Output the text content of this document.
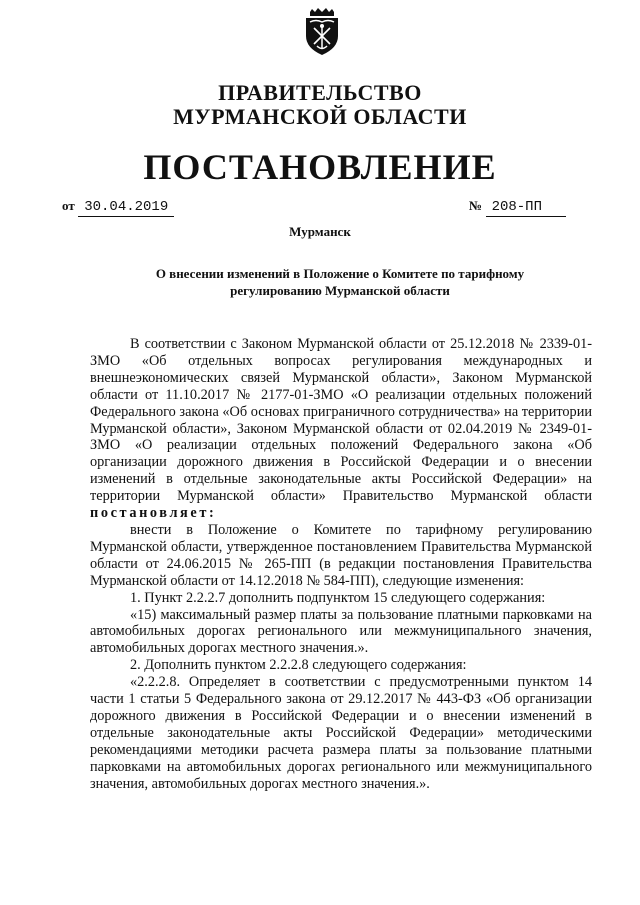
ПРАВИТЕЛЬСТВО
МУРМАНСКОЙ ОБЛАСТИ
ПОСТАНОВЛЕНИЕ
от 30.04.2019	№ 208-ПП
Мурманск
О внесении изменений в Положение о Комитете по тарифному регулированию Мурманской области

В соответствии с Законом Мурманской области от 25.12.2018 № 2339-01-ЗМО «Об отдельных вопросах регулирования международных и внешнеэкономических связей Мурманской области», Законом Мурманской области от 11.10.2017 № 2177-01-ЗМО «О реализации отдельных положений Федерального закона «Об основах приграничного сотрудничества» на территории Мурманской области», Законом Мурманской области от 02.04.2019 № 2349-01-ЗМО «О реализации отдельных положений Федерального закона «Об организации дорожного движения в Российской Федерации и о внесении изменений в отдельные законодательные акты Российской Федерации» на территории Мурманской области» Правительство Мурманской области постановляет:

внести в Положение о Комитете по тарифному регулированию Мурманской области, утвержденное постановлением Правительства Мурманской области от 24.06.2015 № 265-ПП (в редакции постановления Правительства Мурманской области от 14.12.2018 № 584-ПП), следующие изменения:

1. Пункт 2.2.2.7 дополнить подпунктом 15 следующего содержания:

«15) максимальный размер платы за пользование платными парковками на автомобильных дорогах регионального или межмуниципального значения, автомобильных дорогах местного значения.».

2. Дополнить пунктом 2.2.2.8 следующего содержания:

«2.2.2.8. Определяет в соответствии с предусмотренными пунктом 14 части 1 статьи 5 Федерального закона от 29.12.2017 № 443-ФЗ «Об организации дорожного движения в Российской Федерации и о внесении изменений в отдельные законодательные акты Российской Федерации» методическими рекомендациями методики расчета размера платы за пользование платными парковками на автомобильных дорогах регионального или межмуниципального значения, автомобильных дорогах местного значения.».
